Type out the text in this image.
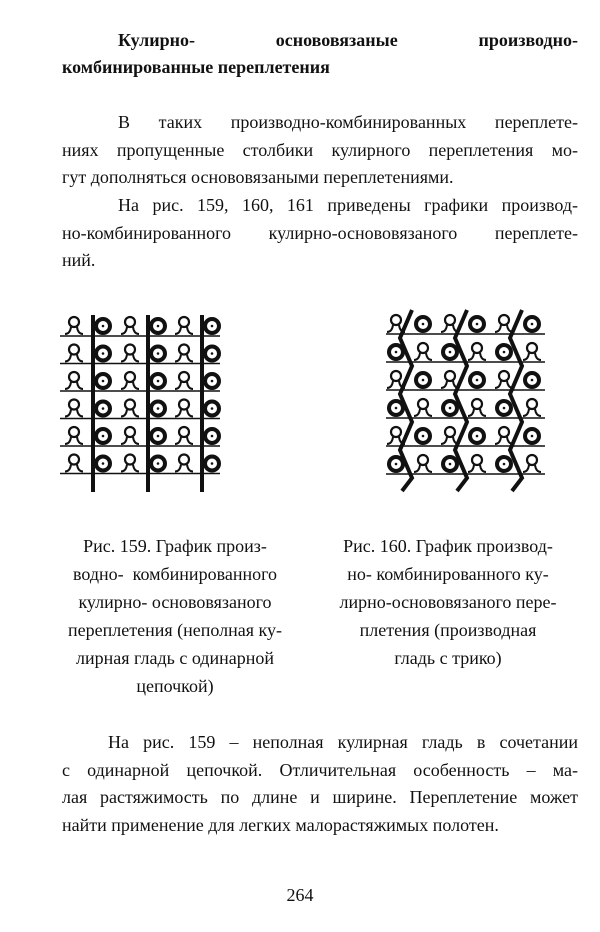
Кулирно- основовязаные производно-
комбинированные переплетения
В таких производно-комбинированных переплете-
ниях пропущенные столбики кулирного переплетения мо-
гут дополняться основовязаными переплетениями.
На рис. 159, 160, 161 приведены графики производ-
но-комбинированного кулирно-основовязаного переплете-
ний.
Рис. 159. График произ-
водно-  комбинированного
кулирно- основовязаного
переплетения (неполная ку-
лирная гладь с одинарной
цепочкой)
Рис. 160. График производ-
но- комбинированного ку-
лирно-основовязаного пере-
плетения (производная
гладь с трико)
На рис. 159 – неполная кулирная гладь в сочетании
с одинарной цепочкой. Отличительная особенность – ма-
лая растяжимость по длине и ширине. Переплетение может
найти применение для легких малорастяжимых полотен.
264
